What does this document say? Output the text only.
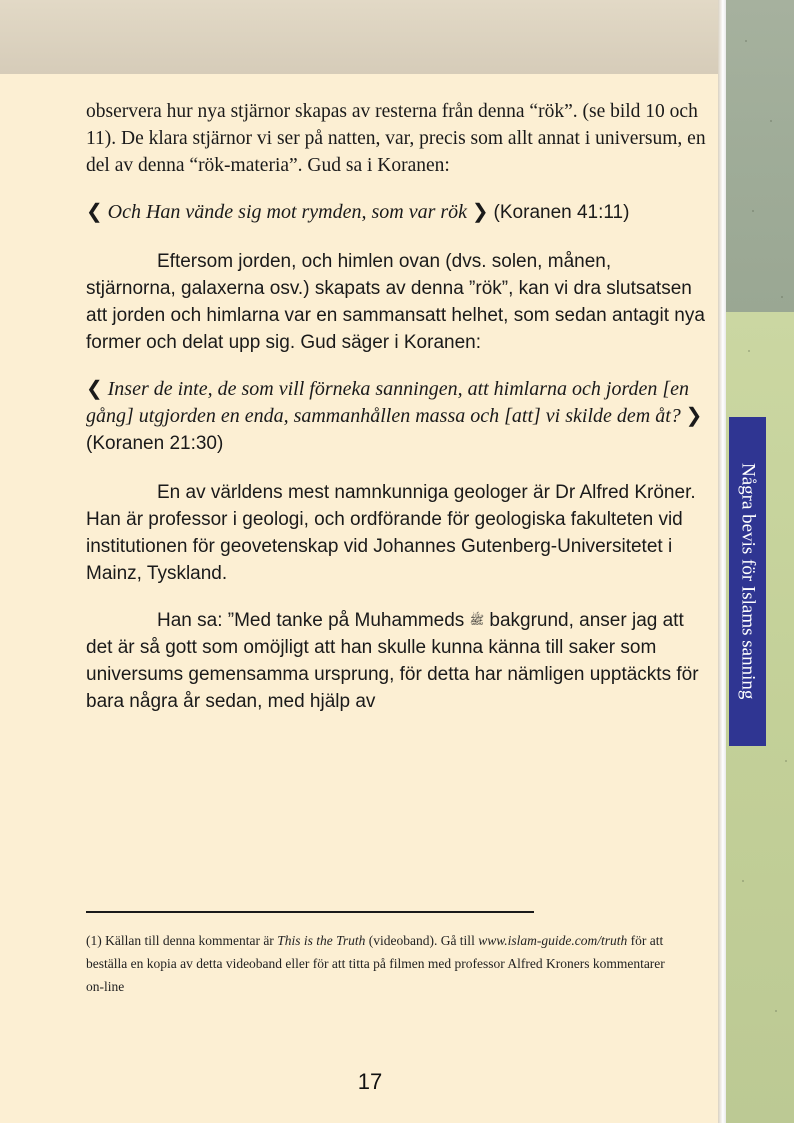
Några bevis för Islams sanning

observera hur nya stjärnor skapas av resterna från denna “rök”. (se bild 10 och 11). De klara stjärnor vi ser på natten, var, precis som allt annat i universum, en del av denna “rök-materia”. Gud sa i Koranen:

❮ Och Han vände sig mot rymden, som var rök ❯ (Koranen 41:11)

Eftersom jorden, och himlen ovan (dvs. solen, månen, stjärnorna, galaxerna osv.) skapats av denna ”rök”, kan vi dra slutsatsen att jorden och himlarna var en sammansatt helhet, som sedan antagit nya former och delat upp sig. Gud säger i Koranen:

❮ Inser de inte, de som vill förneka sanningen, att himlarna och jorden [en gång] utgjorden en enda, sammanhållen massa och [att] vi skilde dem åt? ❯ (Koranen 21:30)

En av världens mest namnkunniga geologer är Dr Alfred Kröner. Han är professor i geologi, och ordförande för geologiska fakulteten vid institutionen för geovetenskap vid Johannes Gutenberg-Universitetet i Mainz, Tyskland.

Han sa: ”Med tanke på Muhammeds ﷺ bakgrund, anser jag att det är så gott som omöjligt att han skulle kunna känna till saker som universums gemensamma ursprung, för detta har nämligen upptäckts för bara några år sedan, med hjälp av

(1) Källan till denna kommentar är This is the Truth (videoband). Gå till www.islam-guide.com/truth för att beställa en kopia av detta videoband eller för att titta på filmen med professor Alfred Kroners kommentarer on-line
17
